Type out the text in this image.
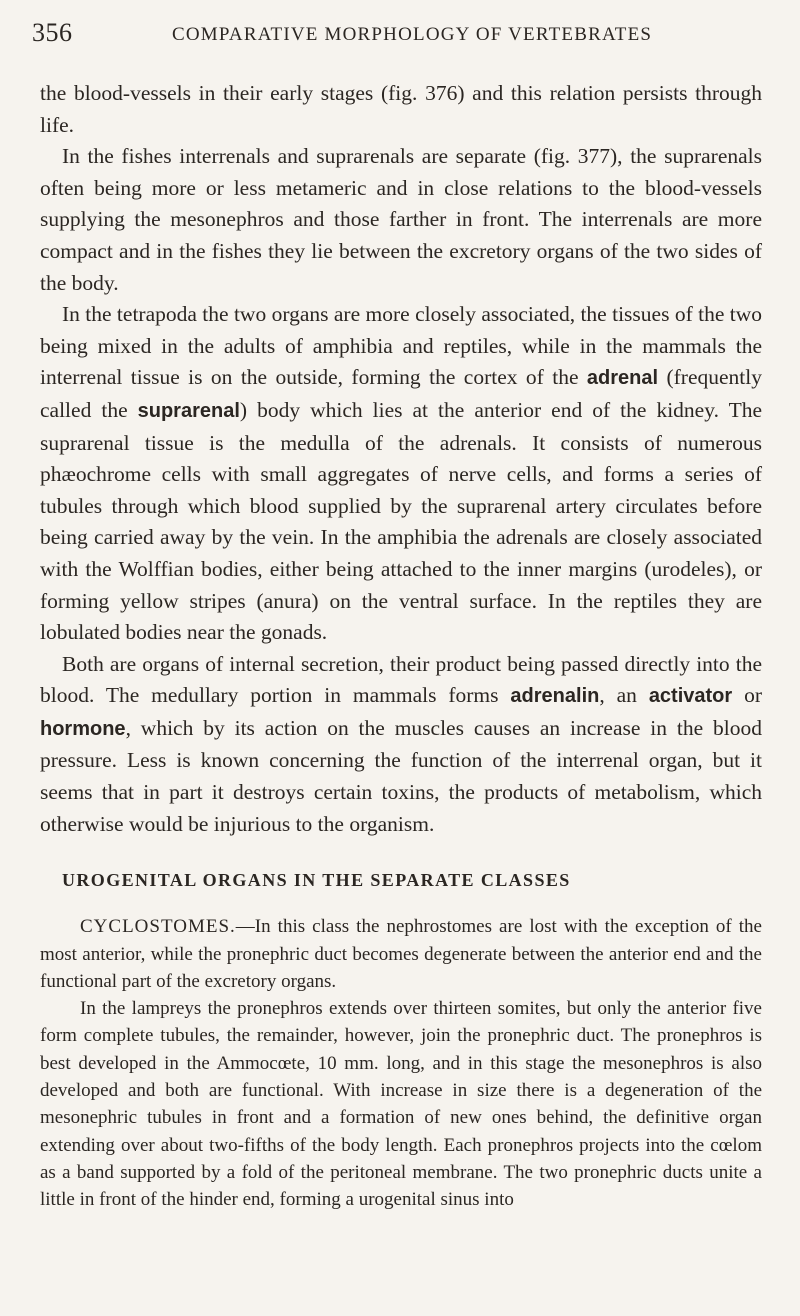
356	COMPARATIVE MORPHOLOGY OF VERTEBRATES

the blood-vessels in their early stages (fig. 376) and this relation persists through life.

In the fishes interrenals and suprarenals are separate (fig. 377), the suprarenals often being more or less metameric and in close relations to the blood-vessels supplying the mesonephros and those farther in front. The interrenals are more compact and in the fishes they lie between the excretory organs of the two sides of the body.

In the tetrapoda the two organs are more closely associated, the tissues of the two being mixed in the adults of amphibia and reptiles, while in the mammals the interrenal tissue is on the outside, forming the cortex of the adrenal (frequently called the suprarenal) body which lies at the anterior end of the kidney. The suprarenal tissue is the medulla of the adrenals. It consists of numerous phæochrome cells with small aggregates of nerve cells, and forms a series of tubules through which blood supplied by the suprarenal artery circulates before being carried away by the vein. In the amphibia the adrenals are closely associated with the Wolffian bodies, either being attached to the inner margins (urodeles), or forming yellow stripes (anura) on the ventral surface. In the reptiles they are lobulated bodies near the gonads.

Both are organs of internal secretion, their product being passed directly into the blood. The medullary portion in mammals forms adrenalin, an activator or hormone, which by its action on the muscles causes an increase in the blood pressure. Less is known concerning the function of the interrenal organ, but it seems that in part it destroys certain toxins, the products of metabolism, which otherwise would be injurious to the organism.

UROGENITAL ORGANS IN THE SEPARATE CLASSES

CYCLOSTOMES.—In this class the nephrostomes are lost with the exception of the most anterior, while the pronephric duct becomes degenerate between the anterior end and the functional part of the excretory organs.

In the lampreys the pronephros extends over thirteen somites, but only the anterior five form complete tubules, the remainder, however, join the pronephric duct. The pronephros is best developed in the Ammocœte, 10 mm. long, and in this stage the mesonephros is also developed and both are functional. With increase in size there is a degeneration of the mesonephric tubules in front and a formation of new ones behind, the definitive organ extending over about two-fifths of the body length. Each pronephros projects into the cœlom as a band supported by a fold of the peritoneal membrane. The two pronephric ducts unite a little in front of the hinder end, forming a urogenital sinus into
